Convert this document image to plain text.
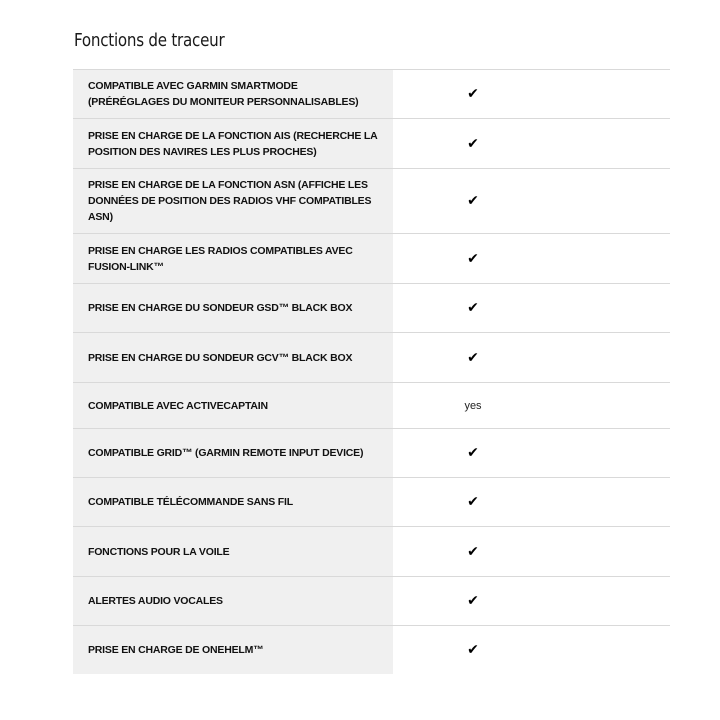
Fonctions de traceur
COMPATIBLE AVEC GARMIN SMARTMODE (PRÉRÉGLAGES DU MONITEUR PERSONNALISABLES)	✔
PRISE EN CHARGE DE LA FONCTION AIS (RECHERCHE LA POSITION DES NAVIRES LES PLUS PROCHES)	✔
PRISE EN CHARGE DE LA FONCTION ASN (AFFICHE LES DONNÉES DE POSITION DES RADIOS VHF COMPATIBLES ASN)	✔
PRISE EN CHARGE LES RADIOS COMPATIBLES AVEC FUSION-LINK™	✔
PRISE EN CHARGE DU SONDEUR GSD™ BLACK BOX	✔
PRISE EN CHARGE DU SONDEUR GCV™ BLACK BOX	✔
COMPATIBLE AVEC ACTIVECAPTAIN	yes
COMPATIBLE GRID™ (GARMIN REMOTE INPUT DEVICE)	✔
COMPATIBLE TÉLÉCOMMANDE SANS FIL	✔
FONCTIONS POUR LA VOILE	✔
ALERTES AUDIO VOCALES	✔
PRISE EN CHARGE DE ONEHELM™	✔
